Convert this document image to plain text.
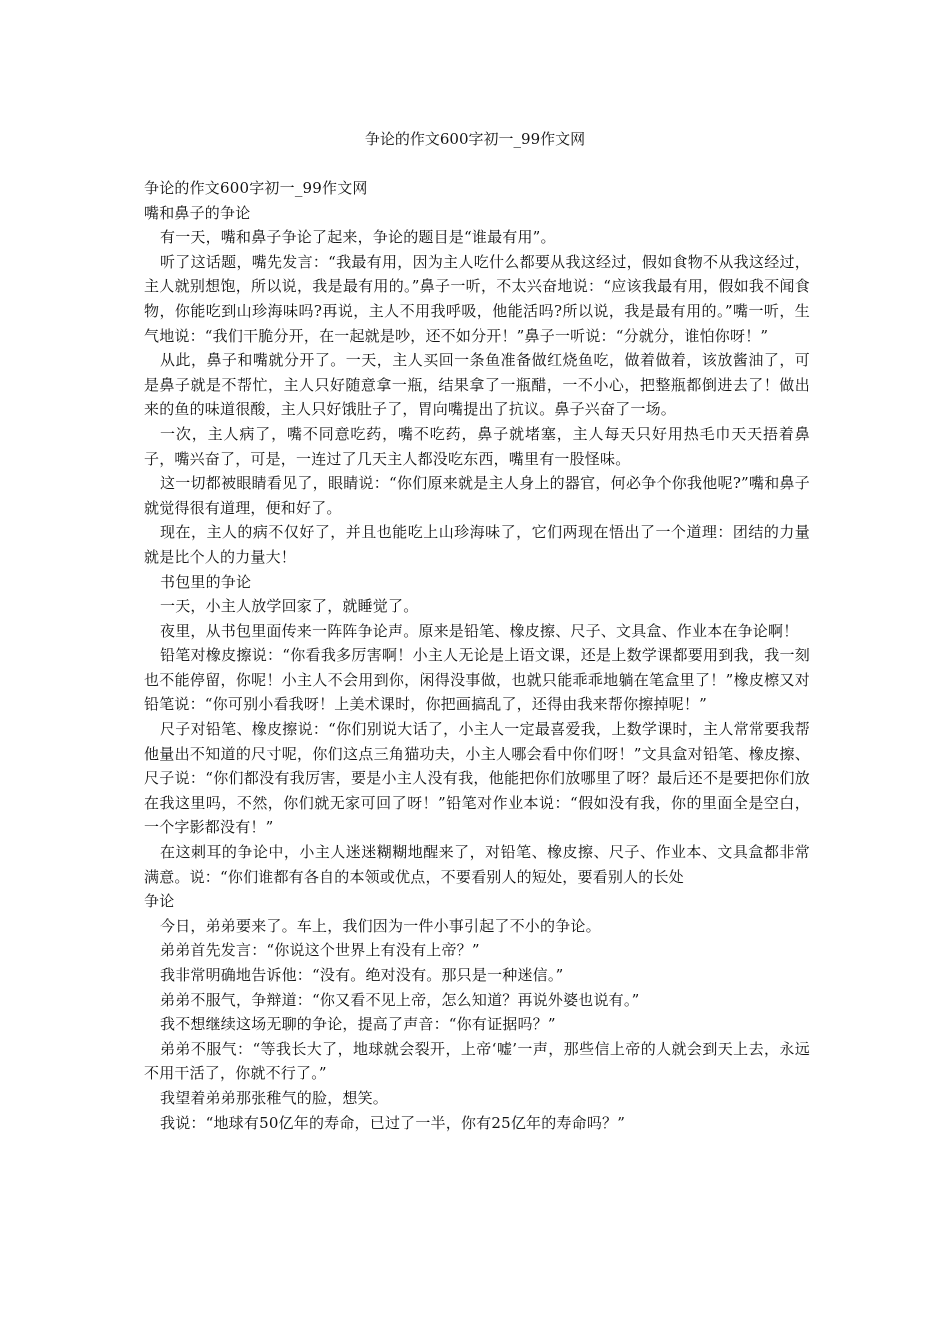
争论的作文600字初一_99作文网

争论的作文600字初一_99作文网

嘴和鼻子的争论

有一天，嘴和鼻子争论了起来，争论的题目是“谁最有用”。

听了这话题，嘴先发言：“我最有用，因为主人吃什么都要从我这经过，假如食物不从我这经过，主人就别想饱，所以说，我是最有用的。”鼻子一听，不太兴奋地说：“应该我最有用，假如我不闻食物，你能吃到山珍海味吗?再说，主人不用我呼吸，他能活吗?所以说，我是最有用的。”嘴一听，生气地说：“我们干脆分开，在一起就是吵，还不如分开！”鼻子一听说：“分就分，谁怕你呀！”

从此，鼻子和嘴就分开了。一天，主人买回一条鱼准备做红烧鱼吃，做着做着，该放酱油了，可是鼻子就是不帮忙，主人只好随意拿一瓶，结果拿了一瓶醋，一不小心，把整瓶都倒进去了！做出来的鱼的味道很酸，主人只好饿肚子了，胃向嘴提出了抗议。鼻子兴奋了一场。

一次，主人病了，嘴不同意吃药，嘴不吃药，鼻子就堵塞，主人每天只好用热毛巾天天捂着鼻子，嘴兴奋了，可是，一连过了几天主人都没吃东西，嘴里有一股怪味。

这一切都被眼睛看见了，眼睛说：“你们原来就是主人身上的器官，何必争个你我他呢?”嘴和鼻子就觉得很有道理，便和好了。

现在，主人的病不仅好了，并且也能吃上山珍海味了，它们两现在悟出了一个道理：团结的力量就是比个人的力量大！

书包里的争论

一天，小主人放学回家了，就睡觉了。

夜里，从书包里面传来一阵阵争论声。原来是铅笔、橡皮擦、尺子、文具盒、作业本在争论啊！

铅笔对橡皮擦说：“你看我多厉害啊！小主人无论是上语文课，还是上数学课都要用到我，我一刻也不能停留，你呢！小主人不会用到你，闲得没事做，也就只能乖乖地躺在笔盒里了！”橡皮檫又对铅笔说：“你可别小看我呀！上美术课时，你把画搞乱了，还得由我来帮你擦掉呢！”

尺子对铅笔、橡皮擦说：“你们别说大话了，小主人一定最喜爱我，上数学课时，主人常常要我帮他量出不知道的尺寸呢，你们这点三角猫功夫，小主人哪会看中你们呀！”文具盒对铅笔、橡皮擦、尺子说：“你们都没有我厉害，要是小主人没有我，他能把你们放哪里了呀？最后还不是要把你们放在我这里吗，不然，你们就无家可回了呀！”铅笔对作业本说：“假如没有我，你的里面全是空白，一个字影都没有！”

在这刺耳的争论中，小主人迷迷糊糊地醒来了，对铅笔、橡皮擦、尺子、作业本、文具盒都非常满意。说：“你们谁都有各自的本领或优点，不要看别人的短处，要看别人的长处

争论

今日，弟弟要来了。车上，我们因为一件小事引起了不小的争论。

弟弟首先发言：“你说这个世界上有没有上帝？”

我非常明确地告诉他：“没有。绝对没有。那只是一种迷信。”

弟弟不服气，争辩道：“你又看不见上帝，怎么知道？再说外婆也说有。”

我不想继续这场无聊的争论，提高了声音：“你有证据吗？”

弟弟不服气：“等我长大了，地球就会裂开，上帝‘嘘’一声，那些信上帝的人就会到天上去，永远不用干活了，你就不行了。”

我望着弟弟那张稚气的脸，想笑。

我说：“地球有50亿年的寿命，已过了一半，你有25亿年的寿命吗？”
